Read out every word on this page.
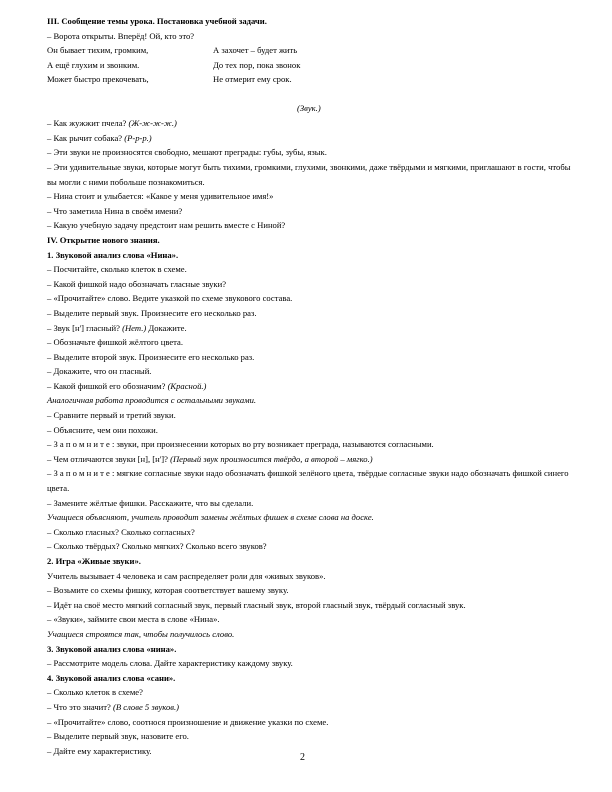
III. Сообщение темы урока. Постановка учебной задачи.
– Ворота открыты. Вперёд! Ой, кто это?
Он бывает тихим, громким,
А ещё глухим и звонким.
Может быстро прекочевать,
А захочет – будет жить
До тех пор, пока звонок
Не отмерит ему срок.
(Звук.)
– Как жужжит пчела? (Ж-ж-ж-ж.)
– Как рычит собака? (Р-р-р.)
– Эти звуки не произносятся свободно, мешают преграды: губы, зубы, язык.
– Эти удивительные звуки, которые могут быть тихими, громкими, глухими, звонкими, даже твёрдыми и мягкими, приглашают в гости, чтобы вы могли с ними побольше познакомиться.
– Нина стоит и улыбается: «Какое у меня удивительное имя!»
– Что заметила Нина в своём имени?
– Какую учебную задачу предстоит нам решить вместе с Ниной?
IV. Открытие нового знания.
1. Звуковой анализ слова «Нина».
– Посчитайте, сколько клеток в схеме.
– Какой фишкой надо обозначать гласные звуки?
– «Прочитайте» слово. Ведите указкой по схеме звукового состава.
– Выделите первый звук. Произнесите его несколько раз.
– Звук [н'] гласный? (Нет.) Докажите.
– Обозначьте фишкой жёлтого цвета.
– Выделите второй звук. Произнесите его несколько раз.
– Докажите, что он гласный.
– Какой фишкой его обозначим? (Красной.)
Аналогичная работа проводится с остальными звуками.
– Сравните первый и третий звуки.
– Объясните, чем они похожи.
– З а п о м н и т е : звуки, при произнесении которых во рту возникает преграда, называются согласными.
– Чем отличаются звуки [н], [н']? (Первый звук произносится твёрдо, а второй – мягко.)
– З а п о м н и т е : мягкие согласные звуки надо обозначать фишкой зелёного цвета, твёрдые согласные звуки надо обозначать фишкой синего цвета.
– Замените жёлтые фишки. Расскажите, что вы сделали.
Учащиеся объясняют, учитель проводит замены жёлтых фишек в схеме слова на доске.
– Сколько гласных? Сколько согласных?
– Сколько твёрдых? Сколько мягких? Сколько всего звуков?
2. Игра «Живые звуки».
Учитель вызывает 4 человека и сам распределяет роли для «живых звуков».
– Возьмите со схемы фишку, которая соответствует вашему звуку.
– Идёт на своё место мягкий согласный звук, первый гласный звук, второй гласный звук, твёрдый согласный звук.
– «Звуки», займите свои места в слове «Нина».
Учащиеся строятся так, чтобы получилось слово.
3. Звуковой анализ слова «нина».
– Рассмотрите модель слова. Дайте характеристику каждому звуку.
4. Звуковой анализ слова «сани».
– Сколько клеток в схеме?
– Что это значит? (В слове 5 звуков.)
– «Прочитайте» слово, соотнося произношение и движение указки по схеме.
– Выделите первый звук, назовите его.
– Дайте ему характеристику.
2
